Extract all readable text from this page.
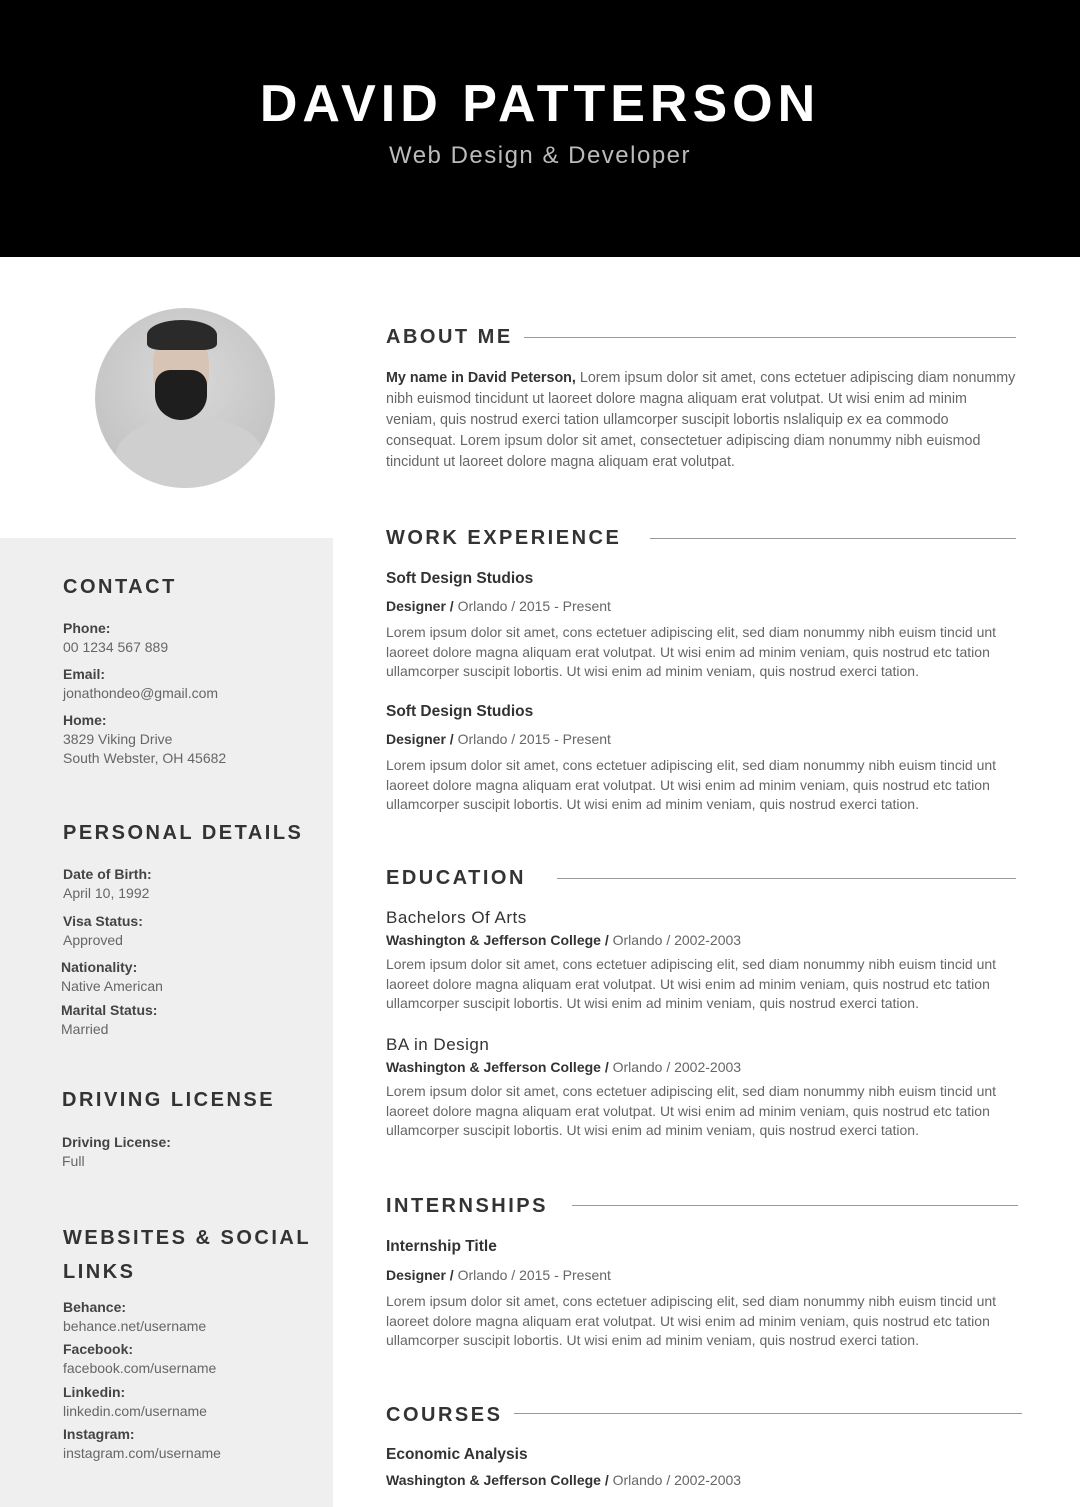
DAVID PATTERSON
Web Design & Developer
CONTACT
Phone:
00 1234 567 889
Email:
jonathondeo@gmail.com
Home:
3829 Viking Drive
South Webster, OH 45682
PERSONAL DETAILS
Date of Birth:
April 10, 1992
Visa Status:
Approved
Nationality:
Native American
Marital Status:
Married
DRIVING LICENSE
Driving License:
Full
WEBSITES & SOCIAL
LINKS
Behance:
behance.net/username
Facebook:
facebook.com/username
Linkedin:
linkedin.com/username
Instagram:
instagram.com/username
ABOUT ME
My name in David Peterson, Lorem ipsum dolor sit amet, cons ectetuer adipiscing diam nonummy nibh euismod tincidunt ut laoreet dolore magna aliquam erat volutpat. Ut wisi enim ad minim veniam, quis nostrud exerci tation ullamcorper suscipit lobortis nslaliquip ex ea commodo consequat. Lorem ipsum dolor sit amet, consectetuer adipiscing diam nonummy nibh euismod tincidunt ut laoreet dolore magna aliquam erat volutpat.
WORK EXPERIENCE
Soft Design Studios
Designer / Orlando / 2015 - Present
Lorem ipsum dolor sit amet, cons ectetuer adipiscing elit, sed diam nonummy nibh euism tincid unt laoreet dolore magna aliquam erat volutpat. Ut wisi enim ad minim veniam, quis nostrud etc tation ullamcorper suscipit lobortis. Ut wisi enim ad minim veniam, quis nostrud exerci tation.
Soft Design Studios
Designer / Orlando / 2015 - Present
Lorem ipsum dolor sit amet, cons ectetuer adipiscing elit, sed diam nonummy nibh euism tincid unt laoreet dolore magna aliquam erat volutpat. Ut wisi enim ad minim veniam, quis nostrud etc tation ullamcorper suscipit lobortis. Ut wisi enim ad minim veniam, quis nostrud exerci tation.
EDUCATION
Bachelors Of Arts
Washington & Jefferson College / Orlando / 2002-2003
Lorem ipsum dolor sit amet, cons ectetuer adipiscing elit, sed diam nonummy nibh euism tincid unt laoreet dolore magna aliquam erat volutpat. Ut wisi enim ad minim veniam, quis nostrud etc tation ullamcorper suscipit lobortis. Ut wisi enim ad minim veniam, quis nostrud exerci tation.
BA in Design
Washington & Jefferson College / Orlando / 2002-2003
Lorem ipsum dolor sit amet, cons ectetuer adipiscing elit, sed diam nonummy nibh euism tincid unt laoreet dolore magna aliquam erat volutpat. Ut wisi enim ad minim veniam, quis nostrud etc tation ullamcorper suscipit lobortis. Ut wisi enim ad minim veniam, quis nostrud exerci tation.
INTERNSHIPS
Internship Title
Designer / Orlando / 2015 - Present
Lorem ipsum dolor sit amet, cons ectetuer adipiscing elit, sed diam nonummy nibh euism tincid unt laoreet dolore magna aliquam erat volutpat. Ut wisi enim ad minim veniam, quis nostrud etc tation ullamcorper suscipit lobortis. Ut wisi enim ad minim veniam, quis nostrud exerci tation.
COURSES
Economic Analysis
Washington & Jefferson College / Orlando / 2002-2003
